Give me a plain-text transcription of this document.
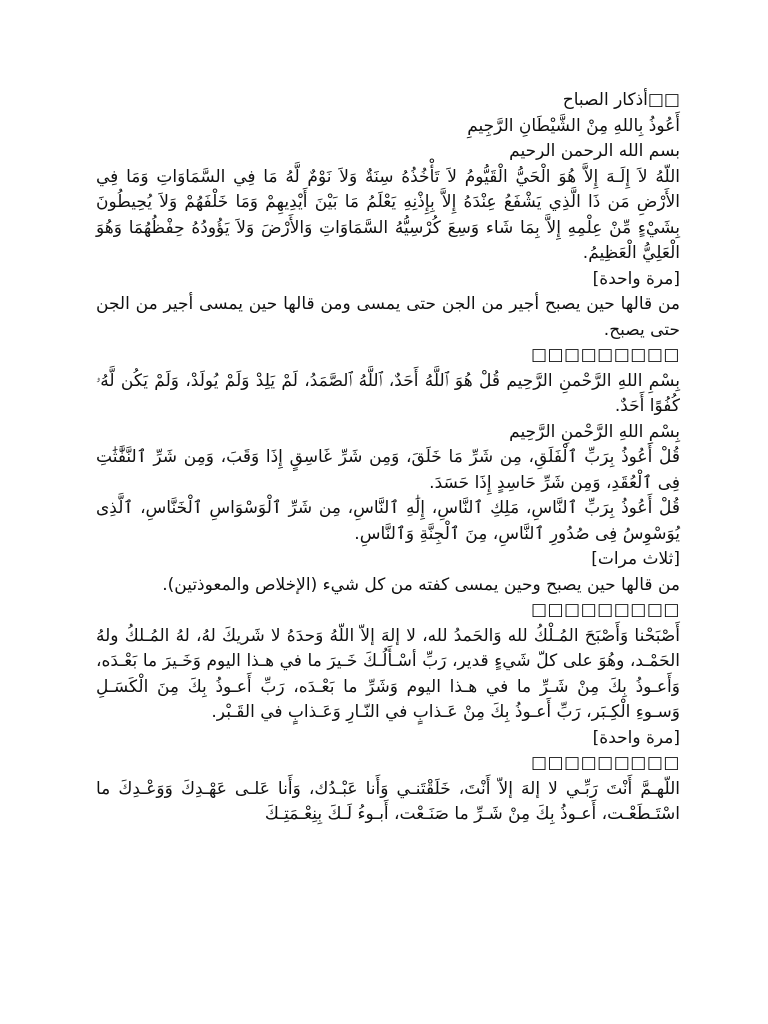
□□أذكار الصباح
أَعُوذُ بِاللهِ مِنْ الشَّيْطَانِ الرَّجِيمِ
بسم الله الرحمن الرحيم
اللّهُ لاَ إِلَـهَ إِلاَّ هُوَ الْحَيُّ الْقَيُّومُ لاَ تَأْخُذُهُ سِنَةٌ وَلاَ نَوْمٌ لَّهُ مَا فِي السَّمَاوَاتِ وَمَا فِي الأَرْضِ مَن ذَا الَّذِي يَشْفَعُ عِنْدَهُ إِلاَّ بِإِذْنِهِ يَعْلَمُ مَا بَيْنَ أَيْدِيهِمْ وَمَا خَلْفَهُمْ وَلاَ يُحِيطُونَ بِشَيْءٍ مِّنْ عِلْمِهِ إِلاَّ بِمَا شَاء وَسِعَ كُرْسِيُّهُ السَّمَاوَاتِ وَالأَرْضَ وَلاَ يَؤُودُهُ حِفْظُهُمَا وَهُوَ الْعَلِيُّ الْعَظِيمُ.
[مرة واحدة]
من قالها حين يصبح أجير من الجن حتى يمسى ومن قالها حين يمسى أجير من الجن حتى يصبح.
□□□□□□□□□
بِسْمِ اللهِ الرَّحْمنِ الرَّحِيم قُلْ هُوَ ٱللَّهُ أَحَدٌ، ٱللَّهُ ٱلصَّمَدُ، لَمْ يَلِدْ وَلَمْ يُولَدْ، وَلَمْ يَكُن لَّهُۥ كُفُوًا أَحَدٌ.
بِسْمِ اللهِ الرَّحْمنِ الرَّحِيم
قُلْ أَعُوذُ بِرَبِّ ٱلْفَلَقِ، مِن شَرِّ مَا خَلَقَ، وَمِن شَرِّ غَاسِقٍ إِذَا وَقَبَ، وَمِن شَرِّ ٱلنَّفَّٰثَٰتِ فِى ٱلْعُقَدِ، وَمِن شَرِّ حَاسِدٍ إِذَا حَسَدَ.
قُلْ أَعُوذُ بِرَبِّ ٱلنَّاسِ، مَلِكِ ٱلنَّاسِ، إِلَٰهِ ٱلنَّاسِ، مِن شَرِّ ٱلْوَسْوَاسِ ٱلْخَنَّاسِ، ٱلَّذِى يُوَسْوِسُ فِى صُدُورِ ٱلنَّاسِ، مِنَ ٱلْجِنَّةِ وَٱلنَّاسِ.
[ثلاث مرات]
من قالها حين يصبح وحين يمسى كفته من كل شيء (الإخلاص والمعوذتين).
□□□□□□□□□
أَصْبَحْنا وَأَصْبَحَ المُـلْكُ لله وَالحَمدُ لله، لا إلهَ إلاّ اللّهُ وَحدَهُ لا شَريكَ لهُ، لهُ المُـلكُ ولهُ الحَمْـد، وهُوَ على كلّ شَيءٍ قدير، رَبِّ أسْـأَلُـكَ خَـيرَ ما في هـذا اليوم وَخَـيرَ ما بَعْـدَه، وَأَعـوذُ بِكَ مِنْ شَـرِّ ما في هـذا اليوم وَشَرِّ ما بَعْـدَه، رَبِّ أَعـوذُ بِكَ مِنَ الْكَسَـلِ وَسـوءِ الْكِـبَر، رَبِّ أَعـوذُ بِكَ مِنْ عَـذابٍ في النّـارِ وَعَـذابٍ في القَـبْر.
[مرة واحدة]
□□□□□□□□□
اللّهـمَّ أَنْتَ رَبِّـي لا إلهَ إلاّ أَنْتَ، خَلَقْتَنـي وَأَنا عَبْـدُك، وَأَنا عَلـى عَهْـدِكَ وَوَعْـدِكَ ما اسْتَـطَعْـت، أَعـوذُ بِكَ مِنْ شَـرِّ ما صَنَـعْت، أَبـوءُ لَـكَ بِنِعْـمَتِـكَ
